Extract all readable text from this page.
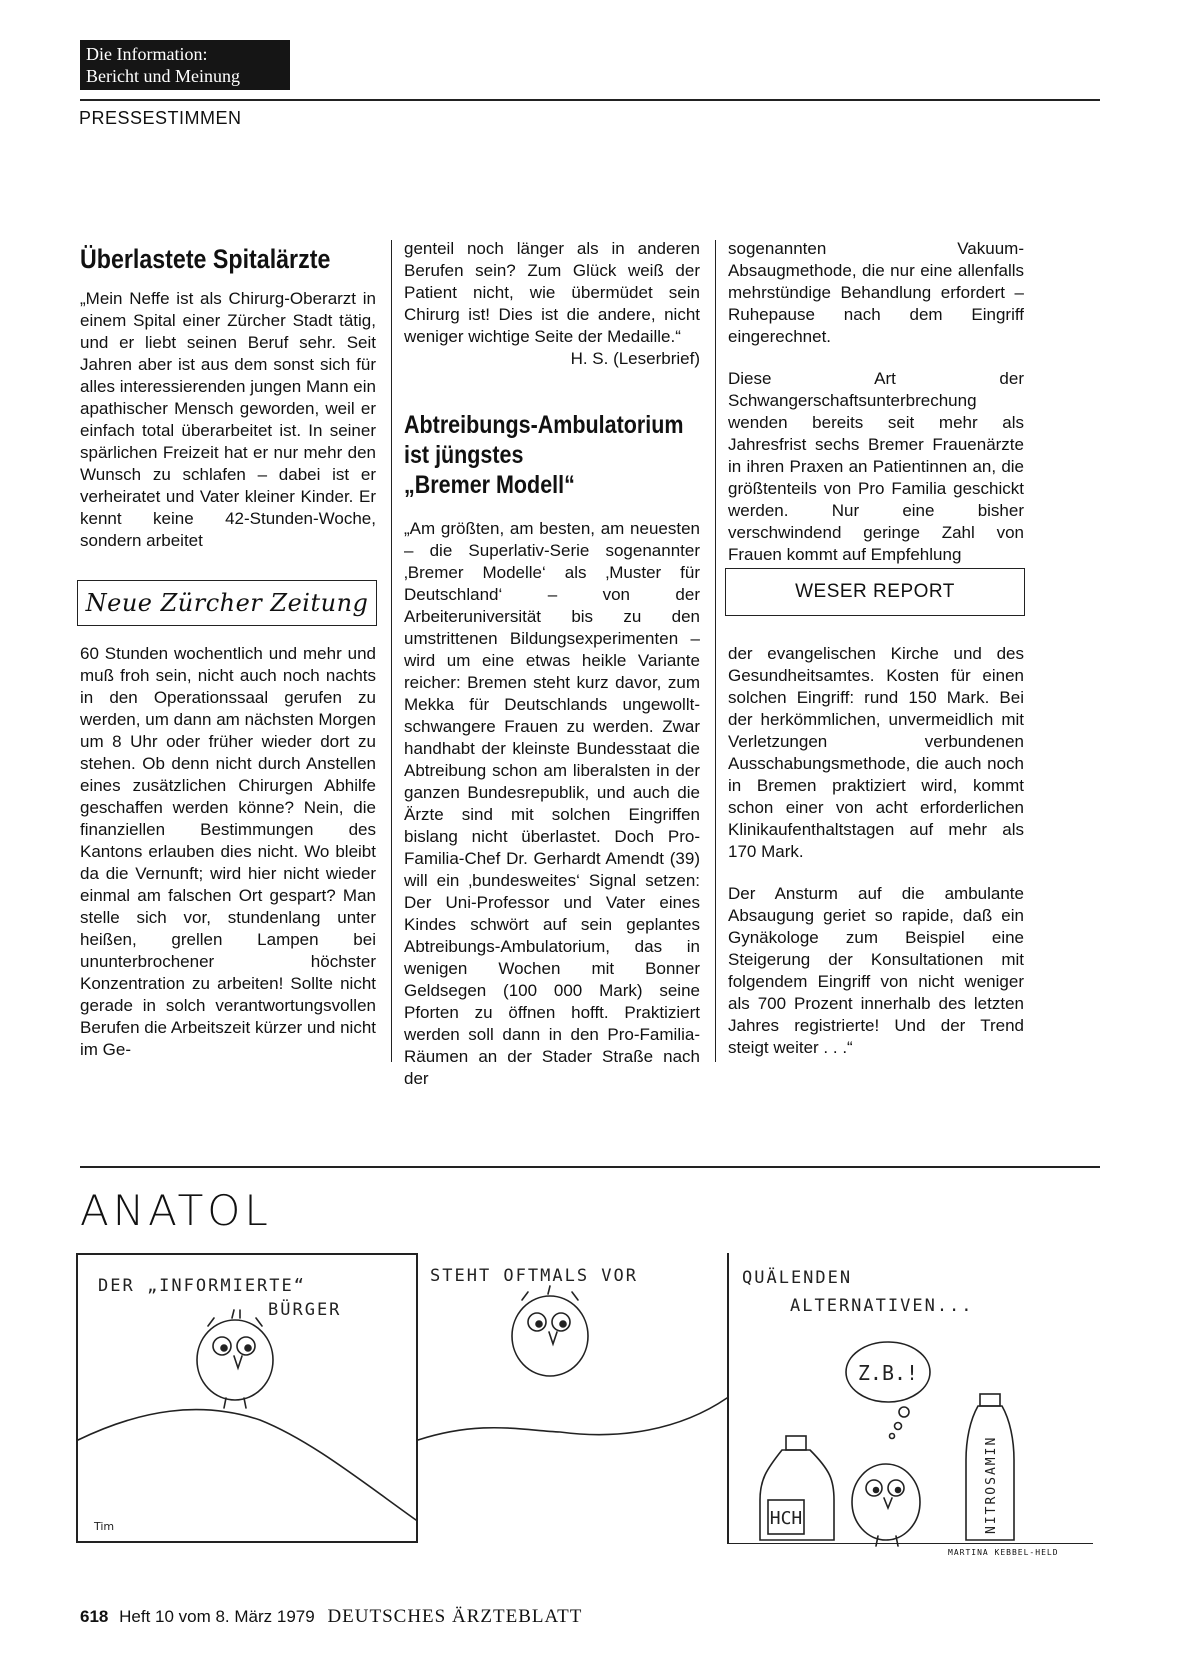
Die Information:
Bericht und Meinung
PRESSESTIMMEN
Überlastete Spitalärzte

„Mein Neffe ist als Chirurg-Oberarzt in einem Spital einer Zürcher Stadt tätig, und er liebt seinen Beruf sehr. Seit Jahren aber ist aus dem sonst sich für alles interessierenden jungen Mann ein apathischer Mensch geworden, weil er einfach total überarbeitet ist. In seiner spärlichen Freizeit hat er nur mehr den Wunsch zu schlafen – dabei ist er verheiratet und Vater kleiner Kinder. Er kennt keine 42-Stunden-Woche, sondern arbeitet

Neue Zürcher Zeitung

60 Stunden wochentlich und mehr und muß froh sein, nicht auch noch nachts in den Operationssaal gerufen zu werden, um dann am nächsten Morgen um 8 Uhr oder früher wieder dort zu stehen. Ob denn nicht durch Anstellen eines zusätzlichen Chirurgen Abhilfe geschaffen werden könne? Nein, die finanziellen Bestimmungen des Kantons erlauben dies nicht. Wo bleibt da die Vernunft; wird hier nicht wieder einmal am falschen Ort gespart? Man stelle sich vor, stundenlang unter heißen, grellen Lampen bei ununterbrochener höchster Konzentration zu arbeiten! Sollte nicht gerade in solch verantwortungsvollen Berufen die Arbeitszeit kürzer und nicht im Ge-

genteil noch länger als in anderen Berufen sein? Zum Glück weiß der Patient nicht, wie übermüdet sein Chirurg ist! Dies ist die andere, nicht weniger wichtige Seite der Medaille.“
H. S. (Leserbrief)

Abtreibungs-Ambulatorium
ist jüngstes
„Bremer Modell“

„Am größten, am besten, am neuesten – die Superlativ-Serie sogenannter ‚Bremer Modelle‘ als ‚Muster für Deutschland‘ – von der Arbeiteruniversität bis zu den umstrittenen Bildungsexperimenten – wird um eine etwas heikle Variante reicher: Bremen steht kurz davor, zum Mekka für Deutschlands ungewollt-schwangere Frauen zu werden. Zwar handhabt der kleinste Bundesstaat die Abtreibung schon am liberalsten in der ganzen Bundesrepublik, und auch die Ärzte sind mit solchen Eingriffen bislang nicht überlastet. Doch Pro-Familia-Chef Dr. Gerhardt Amendt (39) will ein ‚bundesweites‘ Signal setzen: Der Uni-Professor und Vater eines Kindes schwört auf sein geplantes Abtreibungs-Ambulatorium, das in wenigen Wochen mit Bonner Geldsegen (100 000 Mark) seine Pforten zu öffnen hofft. Praktiziert werden soll dann in den Pro-Familia-Räumen an der Stader Straße nach der

sogenannten Vakuum-Absaugmethode, die nur eine allenfalls mehrstündige Behandlung erfordert – Ruhepause nach dem Eingriff eingerechnet.

Diese Art der Schwangerschaftsunterbrechung wenden bereits seit mehr als Jahresfrist sechs Bremer Frauenärzte in ihren Praxen an Patientinnen an, die größtenteils von Pro Familia geschickt werden. Nur eine bisher verschwindend geringe Zahl von Frauen kommt auf Empfehlung

WESER REPORT

der evangelischen Kirche und des Gesundheitsamtes. Kosten für einen solchen Eingriff: rund 150 Mark. Bei der herkömmlichen, unvermeidlich mit Verletzungen verbundenen Ausschabungsmethode, die auch noch in Bremen praktiziert wird, kommt schon einer von acht erforderlichen Klinikaufenthaltstagen auf mehr als 170 Mark.

Der Ansturm auf die ambulante Absaugung geriet so rapide, daß ein Gynäkologe zum Beispiel eine Steigerung der Konsultationen mit folgendem Eingriff von nicht weniger als 700 Prozent innerhalb des letzten Jahres registrierte! Und der Trend steigt weiter . . .“

ANATOL
DER „INFORMIERTE“
BÜRGER
STEHT OFTMALS VOR	QUÄLENDEN
ALTERNATIVEN...
Z.B.!
HCH	NITROSAMIN
Tim
MARTINA KEBBEL-HELD
618 Heft 10 vom 8. März 1979 DEUTSCHES ÄRZTEBLATT
